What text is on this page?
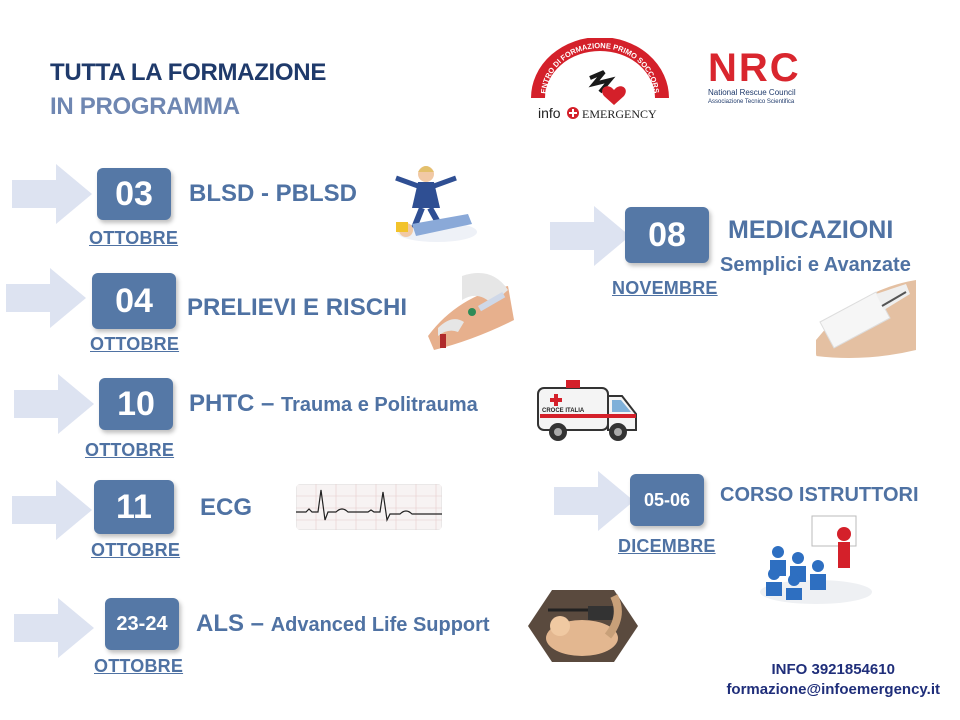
TUTTA LA FORMAZIONE
IN PROGRAMMA
ENTRO DI FORMAZIONE PRIMO SOCCORS
info EMERGENCY
NRC
National Rescue Council
Associazione Tecnico Scientifica
03
OTTOBRE
BLSD - PBLSD
04
OTTOBRE
PRELIEVI E RISCHI
10
OTTOBRE
PHTC – Trauma e Politrauma	CROCE ITALIA
11
OTTOBRE
ECG
23-24
OTTOBRE
ALS – Advanced Life Support
08
NOVEMBRE
MEDICAZIONI
Semplici e Avanzate
05-06
DICEMBRE
CORSO ISTRUTTORI
INFO 3921854610
formazione@infoemergency.it
